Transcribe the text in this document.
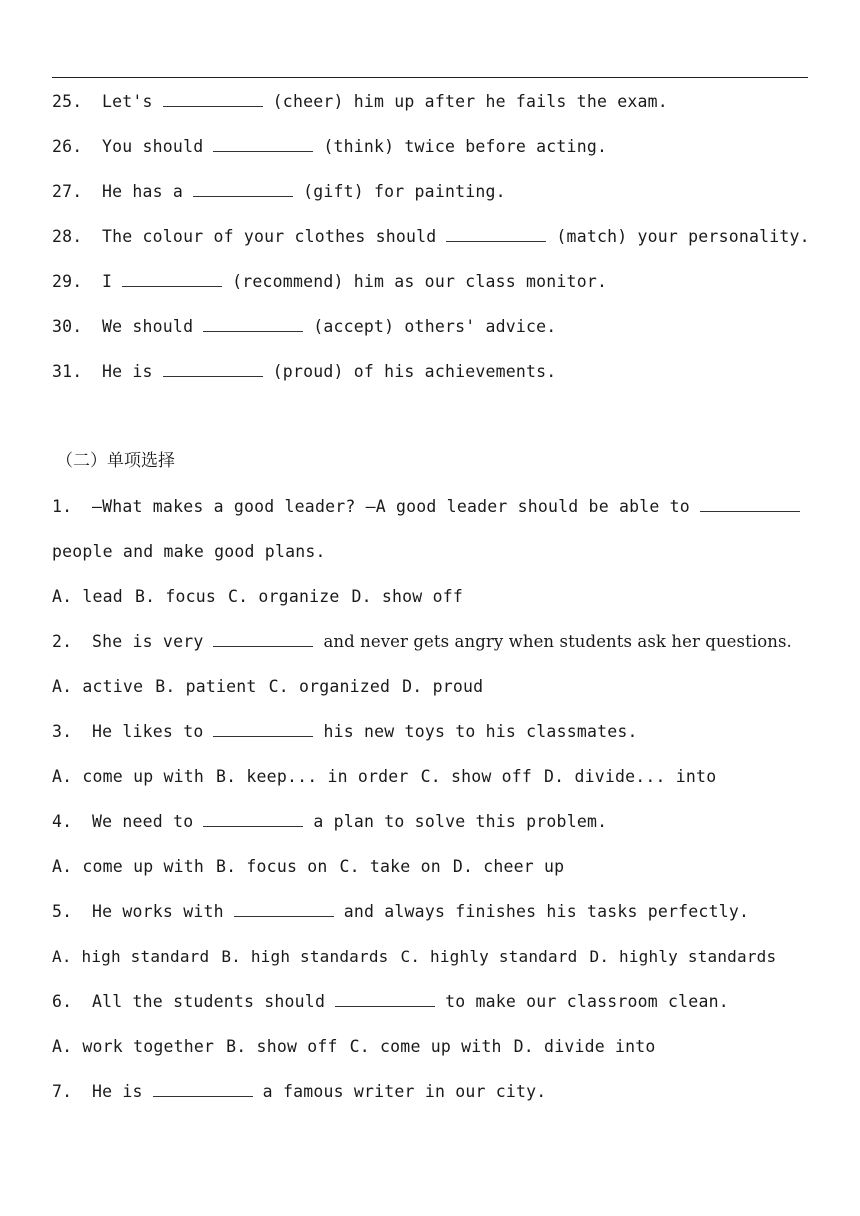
25. Let's	(cheer) him up after he fails the exam.
26. You should	(think) twice before acting.
27. He has a	(gift) for painting.
28. The colour of your clothes should	(match) your personality.
29. I	(recommend) him as our class monitor.
30. We should	(accept) others' advice.
31. He is	(proud) of his achievements.
（二）单项选择
1. —What makes a good leader? —A good leader should be able to
people and make good plans.
A. lead B. focus C. organize D. show off
2. She is very	and never gets angry when students ask her questions.
A. active B. patient C. organized D. proud
3. He likes to	his new toys to his classmates.
A. come up with B. keep... in order C. show off D. divide... into
4. We need to	a plan to solve this problem.
A. come up with B. focus on C. take on D. cheer up
5. He works with	and always finishes his tasks perfectly.
A. high standard B. high standards C. highly standard D. highly standards
6. All the students should	to make our classroom clean.
A. work together B. show off C. come up with D. divide into
7. He is	a famous writer in our city.
